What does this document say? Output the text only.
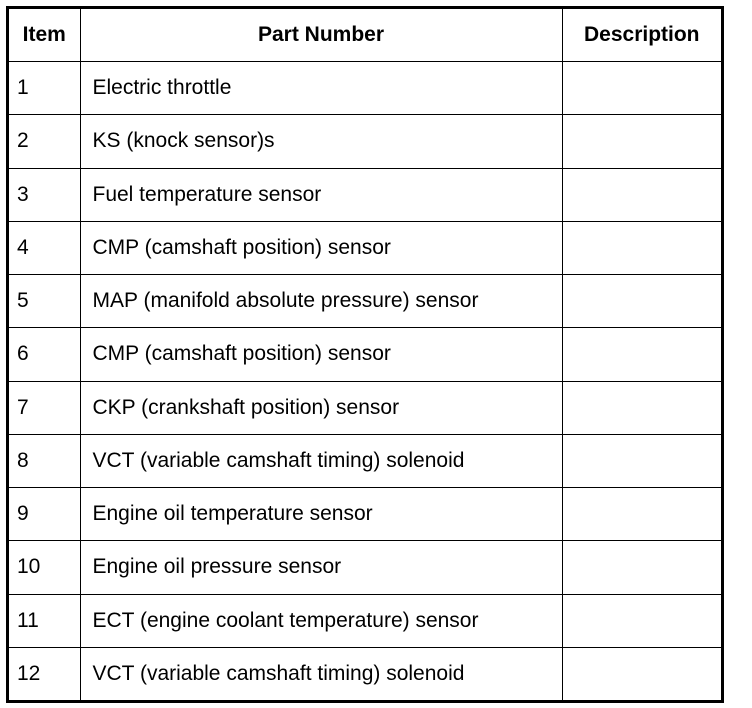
Item	Part Number	Description
1	Electric throttle	
2	KS (knock sensor)s	
3	Fuel temperature sensor	
4	CMP (camshaft position) sensor	
5	MAP (manifold absolute pressure) sensor	
6	CMP (camshaft position) sensor	
7	CKP (crankshaft position) sensor	
8	VCT (variable camshaft timing) solenoid	
9	Engine oil temperature sensor	
10	Engine oil pressure sensor	
11	ECT (engine coolant temperature) sensor	
12	VCT (variable camshaft timing) solenoid	
